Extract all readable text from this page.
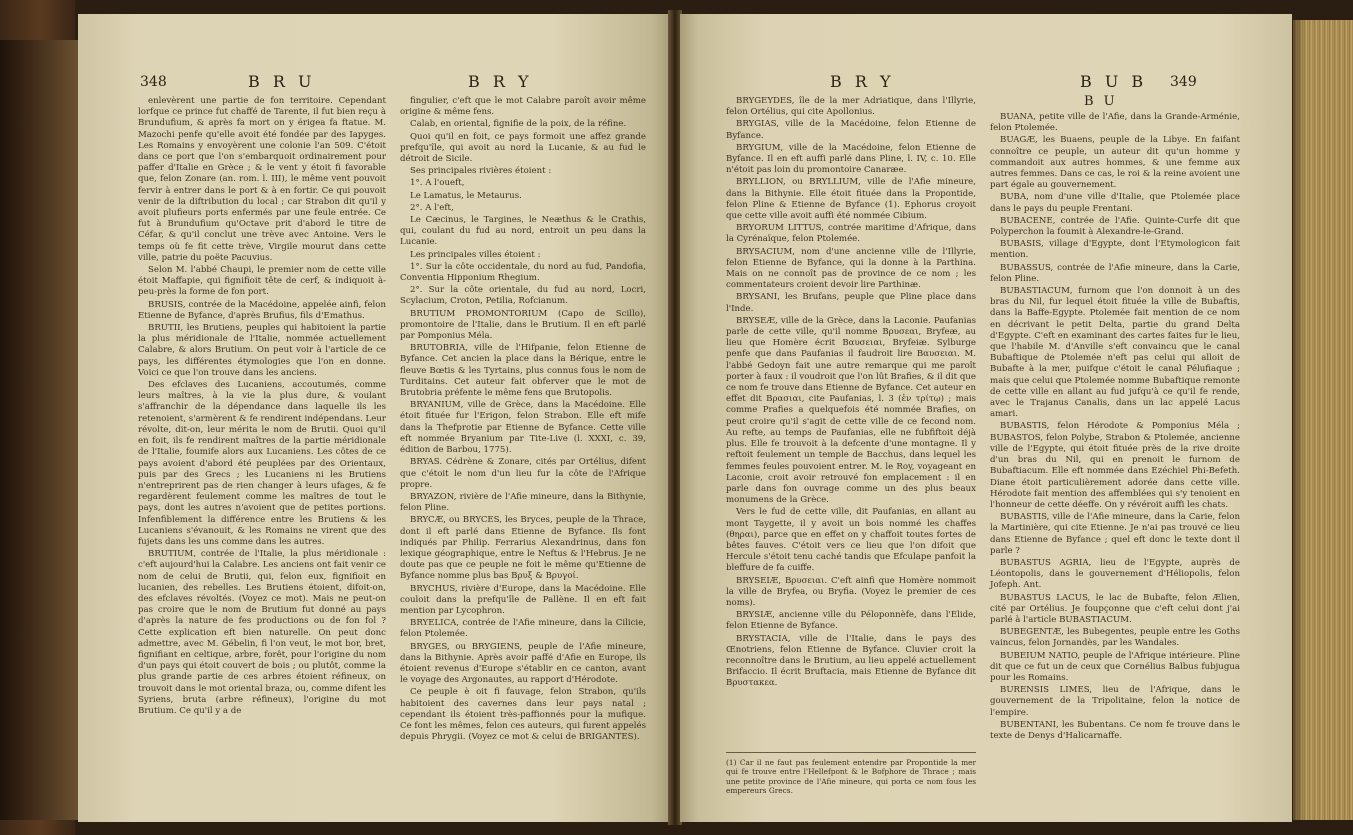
348	B R U	B R Y

enlevèrent une partie de fon territoire. Cependant lorfque ce prince fut chaffé de Tarente, il fut bien reçu à Brundufium, & après fa mort on y érigea fa ftatue. M. Mazochi penfe qu'elle avoit été fondée par des Iapyges. Les Romains y envoyèrent une colonie l'an 509. C'étoit dans ce port que l'on s'embarquoit ordinairement pour paffer d'Italie en Grèce ; & le vent y étoit fi favorable que, felon Zonare (an. rom. l. III), le même vent pouvoit fervir à entrer dans le port & à en fortir. Ce qui pouvoit venir de la diftribution du local ; car Strabon dit qu'il y avoit plufieurs ports enfermés par une feule entrée. Ce fut à Brundufium qu'Octave prit d'abord le titre de Céfar, & qu'il conclut une trève avec Antoine. Vers le temps où fe fit cette trève, Virgile mourut dans cette ville, patrie du poëte Pacuvius.

Selon M. l'abbé Chaupi, le premier nom de cette ville étoit Maffapie, qui fignifioit tête de cerf, & indiquoit à-peu-près la forme de fon port.

BRUSIS, contrée de la Macédoine, appelée ainfi, felon Etienne de Byfance, d'après Brufius, fils d'Emathus.

BRUTII, les Brutiens, peuples qui habitoient la partie la plus méridionale de l'Italie, nommée actuellement Calabre, & alors Brutium. On peut voir à l'article de ce pays, les différentes étymologies que l'on en donne. Voici ce que l'on trouve dans les anciens.

Des efclaves des Lucaniens, accoutumés, comme leurs maîtres, à la vie la plus dure, & voulant s'affranchir de la dépendance dans laquelle ils les retenoient, s'armèrent & fe rendirent indépendans. Leur révolte, dit-on, leur mérita le nom de Brutii. Quoi qu'il en foit, ils fe rendirent maîtres de la partie méridionale de l'Italie, foumife alors aux Lucaniens. Les côtes de ce pays avoient d'abord été peuplées par des Orientaux, puis par des Grecs ; les Lucaniens ni les Brutiens n'entreprirent pas de rien changer à leurs ufages, & fe regardèrent feulement comme les maîtres de tout le pays, dont les autres n'avoient que de petites portions. Infenfiblement la différence entre les Brutiens & les Lucaniens s'évanouit, & les Romains ne virent que des fujets dans les uns comme dans les autres.

BRUTIUM, contrée de l'Italie, la plus méridionale : c'eft aujourd'hui la Calabre. Les anciens ont fait venir ce nom de celui de Brutii, qui, felon eux, fignifioit en lucanien, des rebelles. Les Brutiens étoient, difoit-on, des efclaves révoltés. (Voyez ce mot). Mais ne peut-on pas croire que le nom de Brutium fut donné au pays d'après la nature de fes productions ou de fon fol ? Cette explication eft bien naturelle. On peut donc admettre, avec M. Gébelin, fi l'on veut, le mot bor, bret, fignifiant en celtique, arbre, forêt, pour l'origine du nom d'un pays qui étoit couvert de bois ; ou plutôt, comme la plus grande partie de ces arbres étoient réfineux, on trouvoit dans le mot oriental braza, ou, comme difent les Syriens, bruta (arbre réfineux), l'origine du mot Brutium. Ce qu'il y a de

fingulier, c'eft que le mot Calabre paroît avoir même origine & même fens.

Calab, en oriental, fignifie de la poix, de la réfine.

Quoi qu'il en foit, ce pays formoit une affez grande prefqu'île, qui avoit au nord la Lucanie, & au fud le détroit de Sicile.

Ses principales rivières étoient :

1°. A l'oueft,

Le Lamatus, le Metaurus.

2°. A l'eft,

Le Cæcinus, le Targines, le Neæthus & le Crathis, qui, coulant du fud au nord, entroit un peu dans la Lucanie.

Les principales villes étoient :

1°. Sur la côte occidentale, du nord au fud, Pandofia, Conventia Hipponium Rhegium.

2°. Sur la côte orientale, du fud au nord, Locri, Scylacium, Croton, Petilia, Rofcianum.

BRUTIUM PROMONTORIUM (Capo de Scillo), promontoire de l'Italie, dans le Brutium. Il en eft parlé par Pomponius Méla.

BRUTOBRIA, ville de l'Hifpanie, felon Etienne de Byfance. Cet ancien la place dans la Bérique, entre le fleuve Bœtis & les Tyrtains, plus connus fous le nom de Turditains. Cet auteur fait obferver que le mot de Brutobria préfente le même fens que Brutopolis.

BRYANIUM, ville de Grèce, dans la Macédoine. Elle étoit fituée fur l'Erigon, felon Strabon. Elle eft mife dans la Thefprotie par Etienne de Byfance. Cette ville eft nommée Bryanium par Tite-Live (l. XXXI, c. 39, édition de Barbou, 1775).

BRYAS. Cédrène & Zonare, cités par Ortélius, difent que c'étoit le nom d'un lieu fur la côte de l'Afrique propre.

BRYAZON, rivière de l'Afie mineure, dans la Bithynie, felon Pline.

BRYCÆ, ou BRYCES, les Bryces, peuple de la Thrace, dont il eft parlé dans Etienne de Byfance. Ils font indiqués par Philip. Ferrarius Alexandrinus, dans fon lexique géographique, entre le Neftus & l'Hebrus. Je ne doute pas que ce peuple ne foit le même qu'Etienne de Byfance nomme plus bas Βρυξ & Βρυγοί.

BRYCHUS, rivière d'Europe, dans la Macédoine. Elle couloit dans la prefqu'île de Pallène. Il en eft fait mention par Lycophron.

BRYELICA, contrée de l'Afie mineure, dans la Cilicie, felon Ptolemée.

BRYGES, ou BRYGIENS, peuple de l'Afie mineure, dans la Bithynie. Après avoir paffé d'Afie en Europe, ils étoient revenus d'Europe s'établir en ce canton, avant le voyage des Argonautes, au rapport d'Hérodote.

Ce peuple è oit fi fauvage, felon Strabon, qu'ils habitoient des cavernes dans leur pays natal ; cependant ils étoient très-paffionnés pour la mufique. Ce font les mêmes, felon ces auteurs, qui furent appelés depuis Phrygii. (Voyez ce mot & celui de BRIGANTES).

B R Y	B U B 349
B U

BRYGEYDES, île de la mer Adriatique, dans l'Illyrie, felon Ortélius, qui cite Apollonius.

BRYGIAS, ville de la Macédoine, felon Etienne de Byfance.

BRYGIUM, ville de la Macédoine, felon Etienne de Byfance. Il en eft auffi parlé dans Pline, l. IV, c. 10. Elle n'étoit pas loin du promontoire Canaræe.

BRYLLION, ou BRYLLIUM, ville de l'Afie mineure, dans la Bithynie. Elle étoit fituée dans la Propontide, felon Pline & Etienne de Byfance (1). Ephorus croyoit que cette ville avoit auffi été nommée Cibium.

BRYORUM LITTUS, contrée maritime d'Afrique, dans la Cyrénaïque, felon Ptolemée.

BRYSACIUM, nom d'une ancienne ville de l'Illyrie, felon Etienne de Byfance, qui la donne à la Parthina. Mais on ne connoît pas de province de ce nom ; les commentateurs croient devoir lire Parthinæ.

BRYSANI, les Brufans, peuple que Pline place dans l'Inde.

BRYSEÆ, ville de la Grèce, dans la Laconie. Paufanias parle de cette ville, qu'il nomme Βρυσεαι, Bryfeæ, au lieu que Homère écrit Βαυσειαι, Bryfeiæ. Sylburge penfe que dans Paufanias il faudroit lire Βαυσειαι. M. l'abbé Gedoyn fait une autre remarque qui me paroît porter à faux : il voudroit que l'on lût Brafies, & il dit que ce nom fe trouve dans Etienne de Byfance. Cet auteur en effet dit Βρασιαι, cite Paufanias, l. 3 (ἐν τρίτῳ) ; mais comme Prafies a quelquefois été nommée Brafies, on peut croire qu'il s'agit de cette ville de ce fecond nom. Au refte, au temps de Paufanias, elle ne fubfiftoit déjà plus. Elle fe trouvoit à la defcente d'une montagne. Il y reftoit feulement un temple de Bacchus, dans lequel les femmes feules pouvoient entrer. M. le Roy, voyageant en Laconie, croit avoir retrouvé fon emplacement : il en parle dans fon ouvrage comme un des plus beaux monumens de la Grèce.

Vers le fud de cette ville, dit Paufanias, en allant au mont Taygette, il y avoit un bois nommé les chaffes (θηραι), parce que en effet on y chaffoit toutes fortes de bêtes fauves. C'étoit vers ce lieu que l'on difoit que Hercule s'étoit tenu caché tandis que Efculape panfoit la bleffure de fa cuiffe.

BRYSEIÆ, Βρυσειαι. C'eft ainfi que Homère nommoit la ville de Bryfea, ou Bryfia. (Voyez le premier de ces noms).

BRYSIÆ, ancienne ville du Péloponnèfe, dans l'Elide, felon Etienne de Byfance.

BRYSTACIA, ville de l'Italie, dans le pays des Œnotriens, felon Etienne de Byfance. Cluvier croit la reconnoître dans le Brutium, au lieu appelé actuellement Brifaccio. Il écrit Bruftacia, mais Etienne de Byfance dit Βρυστακεα.

(1) Car il ne faut pas feulement entendre par Propontide la mer qui fe trouve entre l'Hellefpont & le Bofphore de Thrace ; mais une petite province de l'Afie mineure, qui porta ce nom fous les empereurs Grecs.

BUANA, petite ville de l'Afie, dans la Grande-Arménie, felon Ptolemée.

BUAGÆ, les Buaens, peuple de la Libye. En faifant connoître ce peuple, un auteur dit qu'un homme y commandoit aux autres hommes, & une femme aux autres femmes. Dans ce cas, le roi & la reine avoient une part égale au gouvernement.

BUBA, nom d'une ville d'Italie, que Ptolemée place dans le pays du peuple Frentani.

BUBACENE, contrée de l'Afie. Quinte-Curfe dit que Polyperchon la foumit à Alexandre-le-Grand.

BUBASIS, village d'Egypte, dont l'Etymologicon fait mention.

BUBASSUS, contrée de l'Afie mineure, dans la Carie, felon Pline.

BUBASTIACUM, furnom que l'on donnoit à un des bras du Nil, fur lequel étoit fituée la ville de Bubaftis, dans la Baffe-Egypte. Ptolemée fait mention de ce nom en décrivant le petit Delta, partie du grand Delta d'Egypte. C'eft en examinant des cartes faites fur le lieu, que l'habile M. d'Anville s'eft convaincu que le canal Bubaftique de Ptolemée n'eft pas celui qui alloit de Bubafte à la mer, puifque c'étoit le canal Pélufiaque ; mais que celui que Ptolemée nomme Bubaftique remonte de cette ville en allant au fud jufqu'à ce qu'il fe rende, avec le Trajanus Canalis, dans un lac appelé Lacus amari.

BUBASTIS, felon Hérodote & Pomponius Méla ; BUBASTOS, felon Polybe, Strabon & Ptolemée, ancienne ville de l'Egypte, qui étoit fituée près de la rive droite d'un bras du Nil, qui en prenoit le furnom de Bubaftiacum. Elle eft nommée dans Ezéchiel Phi-Befeth. Diane étoit particulièrement adorée dans cette ville. Hérodote fait mention des affemblées qui s'y tenoient en l'honneur de cette déeffe. On y révéroit auffi les chats.

BUBASTIS, ville de l'Afie mineure, dans la Carie, felon la Martinière, qui cite Etienne. Je n'ai pas trouvé ce lieu dans Etienne de Byfance ; quel eft donc le texte dont il parle ?

BUBASTUS AGRIA, lieu de l'Egypte, auprès de Léontopolis, dans le gouvernement d'Héliopolis, felon Jofeph. Ant.

BUBASTUS LACUS, le lac de Bubafte, felon Ælien, cité par Ortélius. Je foupçonne que c'eft celui dont j'ai parlé à l'article BUBASTIACUM.

BUBEGENTÆ, les Bubegentes, peuple entre les Goths vaincus, felon Jornandès, par les Wandales.

BUBEIUM NATIO, peuple de l'Afrique intérieure. Pline dit que ce fut un de ceux que Cornélius Balbus fubjugua pour les Romains.

BURENSIS LIMES, lieu de l'Afrique, dans le gouvernement de la Tripolitaine, felon la notice de l'empire.

BUBENTANI, les Bubentans. Ce nom fe trouve dans le texte de Denys d'Halicarnaffe.
